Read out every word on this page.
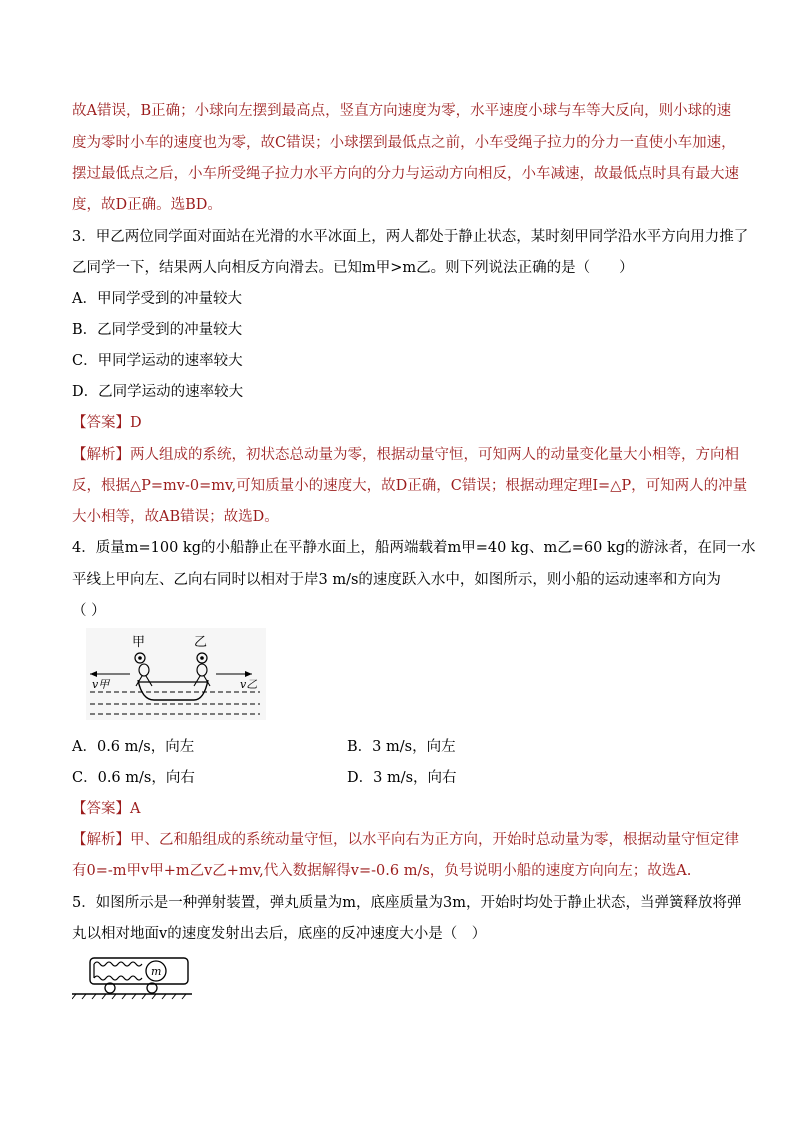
故A错误，B正确；小球向左摆到最高点，竖直方向速度为零，水平速度小球与车等大反向，则小球的速
度为零时小车的速度也为零，故C错误；小球摆到最低点之前，小车受绳子拉力的分力一直使小车加速，
摆过最低点之后，小车所受绳子拉力水平方向的分力与运动方向相反，小车减速，故最低点时具有最大速
度，故D正确。选BD。
3．甲乙两位同学面对面站在光滑的水平冰面上，两人都处于静止状态，某时刻甲同学沿水平方向用力推了
乙同学一下，结果两人向相反方向滑去。已知m甲>m乙。则下列说法正确的是（　　）
A．甲同学受到的冲量较大
B．乙同学受到的冲量较大
C．甲同学运动的速率较大
D．乙同学运动的速率较大
【答案】D
【解析】两人组成的系统，初状态总动量为零，根据动量守恒，可知两人的动量变化量大小相等，方向相
反，根据△P=mv-0=mv,可知质量小的速度大，故D正确，C错误；根据动理定理I=△P，可知两人的冲量
大小相等，故AB错误；故选D。
4．质量m=100 kg的小船静止在平静水面上，船两端载着m甲=40 kg、m乙=60 kg的游泳者，在同一水
平线上甲向左、乙向右同时以相对于岸3 m/s的速度跃入水中，如图所示，则小船的运动速率和方向为
（ ）
甲	乙
v甲	v乙
A．0.6 m/s，向左	B．3 m/s，向左
C．0.6 m/s，向右	D．3 m/s，向右
【答案】A
【解析】甲、乙和船组成的系统动量守恒，以水平向右为正方向，开始时总动量为零，根据动量守恒定律
有0=-m甲v甲+m乙v乙+mv,代入数据解得v=-0.6 m/s，负号说明小船的速度方向向左；故选A.
5．如图所示是一种弹射装置，弹丸质量为m，底座质量为3m，开始时均处于静止状态，当弹簧释放将弹
丸以相对地面v的速度发射出去后，底座的反冲速度大小是（　）
m
